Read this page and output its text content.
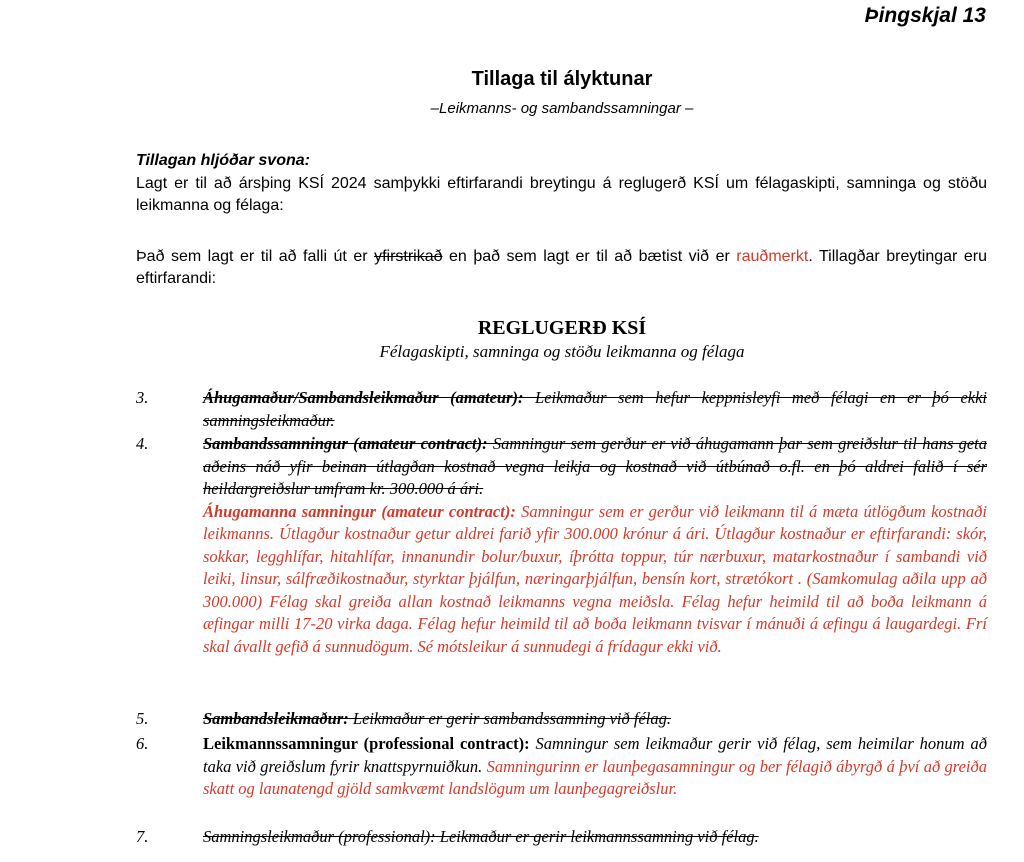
Þingskjal 13
Tillaga til ályktunar
–Leikmanns- og sambandssamningar –
Tillagan hljóðar svona:
Lagt er til að ársþing KSÍ 2024 samþykki eftirfarandi breytingu á reglugerð KSÍ um félagaskipti, samninga og stöðu leikmanna og félaga:
Það sem lagt er til að falli út er yfirstrikað en það sem lagt er til að bætist við er rauðmerkt. Tillagðar breytingar eru eftirfarandi:
REGLUGERÐ KSÍ
Félagaskipti, samninga og stöðu leikmanna og félaga
3.	Áhugamaður/Sambandsleikmaður (amateur): Leikmaður sem hefur keppnisleyfi með félagi en er þó ekki samningsleikmaður.
4.	Sambandssamningur (amateur contract): Samningur sem gerður er við áhugamann þar sem greiðslur til hans geta aðeins náð yfir beinan útlagðan kostnað vegna leikja og kostnað við útbúnað o.fl. en þó aldrei falið í sér heildargreiðslur umfram kr. 300.000 á ári.
Áhugamanna samningur (amateur contract): Samningur sem er gerður við leikmann til á mæta útlögðum kostnaði leikmanns. Útlagður kostnaður getur aldrei farið yfir 300.000 krónur á ári. Útlagður kostnaður er eftirfarandi: skór, sokkar, legghlífar, hitahlífar, innanundir bolur/buxur, íþrótta toppur, túr nærbuxur, matarkostnaður í sambandi við leiki, linsur, sálfræðikostnaður, styrktar þjálfun, næringarþjálfun, bensín kort, strætókort . (Samkomulag aðila upp að 300.000) Félag skal greiða allan kostnað leikmanns vegna meiðsla. Félag hefur heimild til að boða leikmann á æfingar milli 17-20 virka daga. Félag hefur heimild til að boða leikmann tvisvar í mánuði á æfingu á laugardegi. Frí skal ávallt gefið á sunnudögum. Sé mótsleikur á sunnudegi á frídagur ekki við.
5.	Sambandsleikmaður: Leikmaður er gerir sambandssamning við félag.
6.	Leikmannssamningur (professional contract): Samningur sem leikmaður gerir við félag, sem heimilar honum að taka við greiðslum fyrir knattspyrnuiðkun. Samningurinn er launþegasamningur og ber félagið ábyrgð á því að greiða skatt og launatengd gjöld samkvæmt landslögum um launþegagreiðslur.
7.	Samningsleikmaður (professional): Leikmaður er gerir leikmannssamning við félag.
